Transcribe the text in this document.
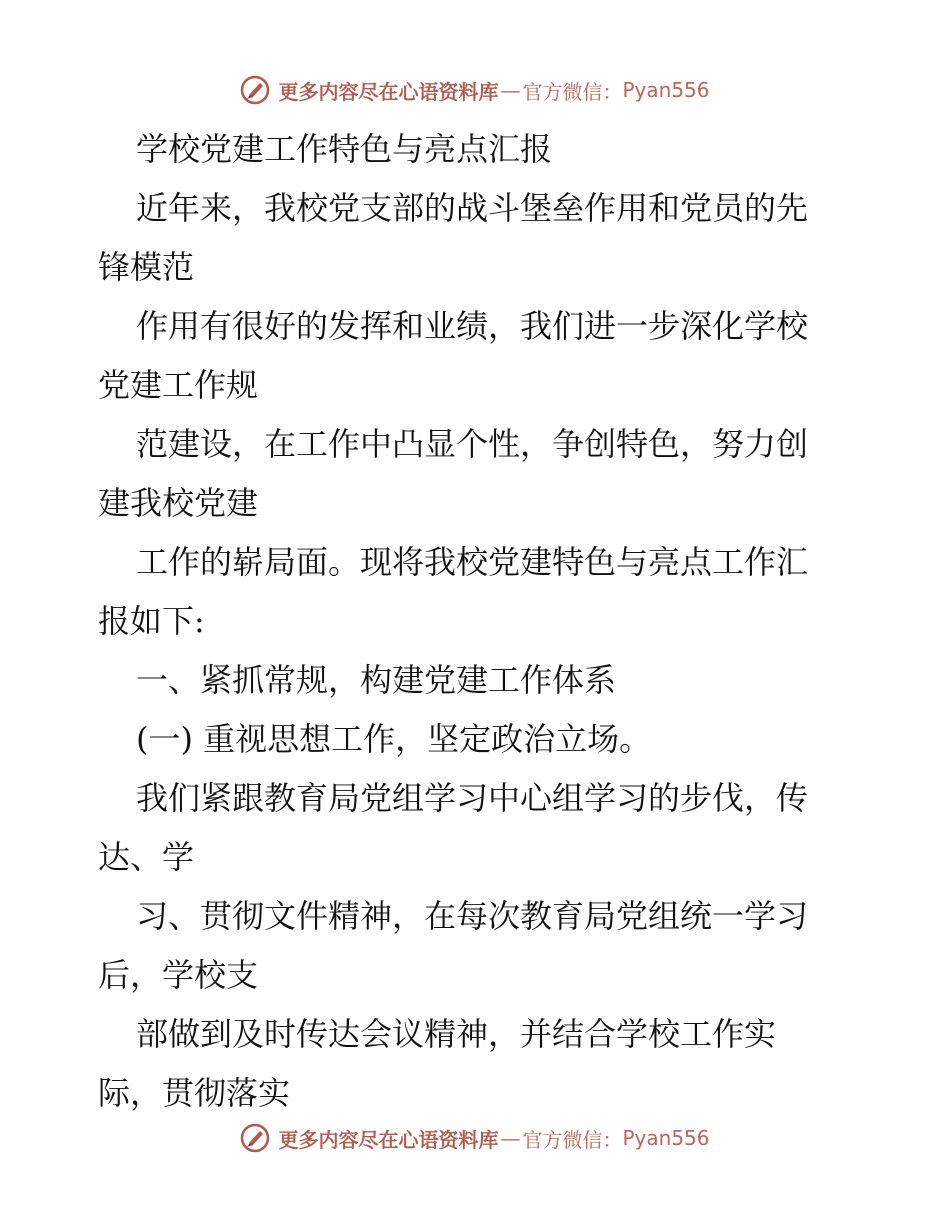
更多内容尽在心语资料库 — 官方微信： Pyan556

学校党建工作特色与亮点汇报

近年来，我校党支部的战斗堡垒作用和党员的先

锋模范

作用有很好的发挥和业绩，我们进一步深化学校

党建工作规

范建设，在工作中凸显个性，争创特色，努力创

建我校党建

工作的崭局面。现将我校党建特色与亮点工作汇

报如下:

一、紧抓常规，构建党建工作体系

(一) 重视思想工作，坚定政治立场。

我们紧跟教育局党组学习中心组学习的步伐，传

达、学

习、贯彻文件精神，在每次教育局党组统一学习

后，学校支

部做到及时传达会议精神，并结合学校工作实

际，贯彻落实

更多内容尽在心语资料库 — 官方微信： Pyan556
